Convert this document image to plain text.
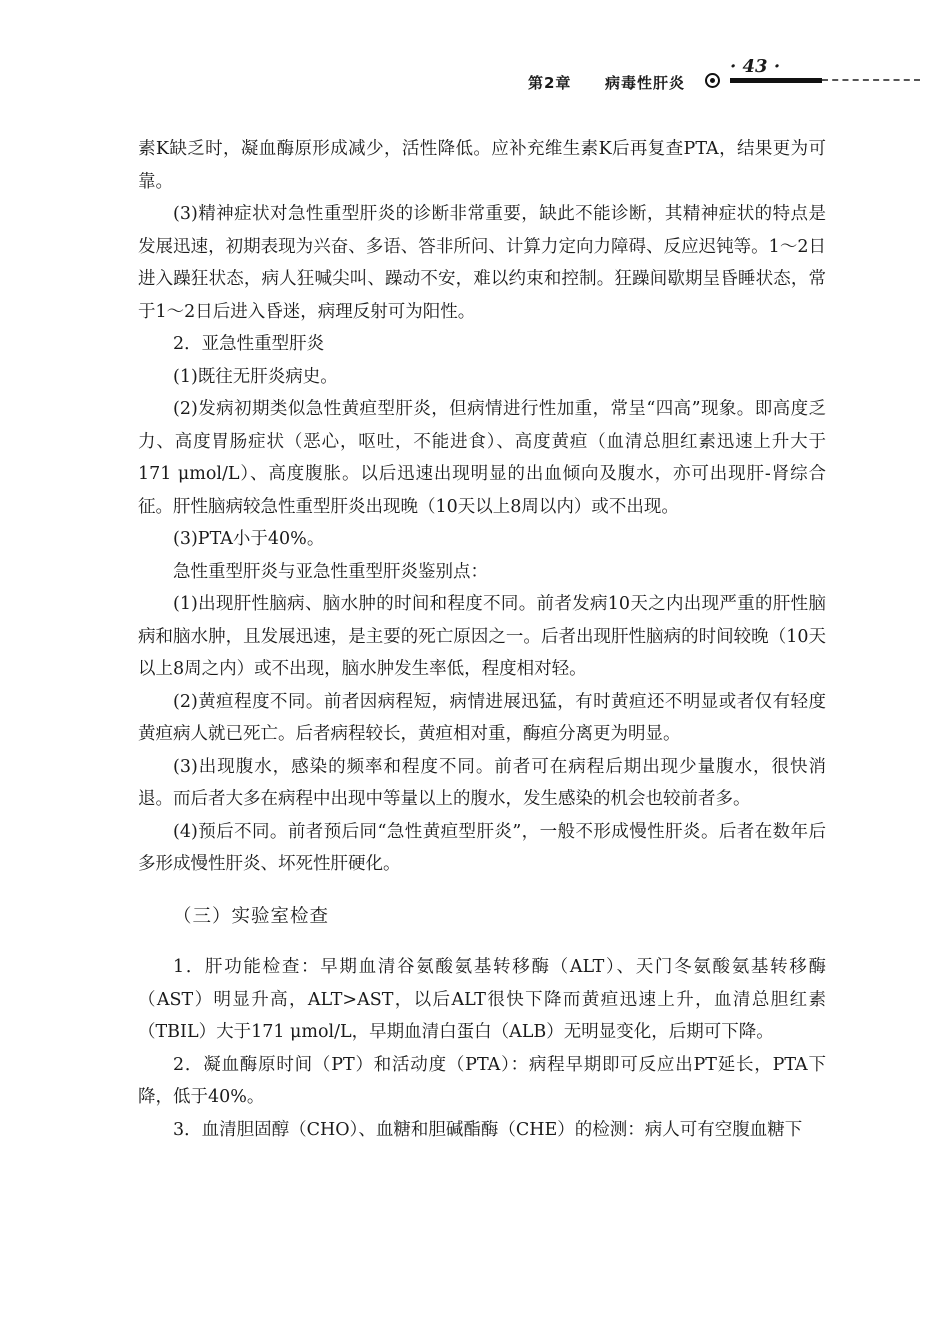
第2章 病毒性肝炎
· 43 ·

素K缺乏时，凝血酶原形成减少，活性降低。应补充维生素K后再复查PTA，结果更为可靠。

(3)精神症状对急性重型肝炎的诊断非常重要，缺此不能诊断，其精神症状的特点是发展迅速，初期表现为兴奋、多语、答非所问、计算力定向力障碍、反应迟钝等。1～2日进入躁狂状态，病人狂喊尖叫、躁动不安，难以约束和控制。狂躁间歇期呈昏睡状态，常于1～2日后进入昏迷，病理反射可为阳性。

2．亚急性重型肝炎

(1)既往无肝炎病史。

(2)发病初期类似急性黄疸型肝炎，但病情进行性加重，常呈“四高”现象。即高度乏力、高度胃肠症状（恶心，呕吐，不能进食）、高度黄疸（血清总胆红素迅速上升大于171 μmol/L）、高度腹胀。以后迅速出现明显的出血倾向及腹水，亦可出现肝-肾综合征。肝性脑病较急性重型肝炎出现晚（10天以上8周以内）或不出现。

(3)PTA小于40%。

急性重型肝炎与亚急性重型肝炎鉴别点：

(1)出现肝性脑病、脑水肿的时间和程度不同。前者发病10天之内出现严重的肝性脑病和脑水肿，且发展迅速，是主要的死亡原因之一。后者出现肝性脑病的时间较晚（10天以上8周之内）或不出现，脑水肿发生率低，程度相对轻。

(2)黄疸程度不同。前者因病程短，病情进展迅猛，有时黄疸还不明显或者仅有轻度黄疸病人就已死亡。后者病程较长，黄疸相对重，酶疸分离更为明显。

(3)出现腹水，感染的频率和程度不同。前者可在病程后期出现少量腹水，很快消退。而后者大多在病程中出现中等量以上的腹水，发生感染的机会也较前者多。

(4)预后不同。前者预后同“急性黄疸型肝炎”，一般不形成慢性肝炎。后者在数年后多形成慢性肝炎、坏死性肝硬化。

（三）实验室检查

1．肝功能检查：早期血清谷氨酸氨基转移酶（ALT）、天门冬氨酸氨基转移酶（AST）明显升高，ALT>AST，以后ALT很快下降而黄疸迅速上升，血清总胆红素（TBIL）大于171 μmol/L，早期血清白蛋白（ALB）无明显变化，后期可下降。

2．凝血酶原时间（PT）和活动度（PTA）：病程早期即可反应出PT延长，PTA下降，低于40%。

3．血清胆固醇（CHO）、血糖和胆碱酯酶（CHE）的检测：病人可有空腹血糖下
